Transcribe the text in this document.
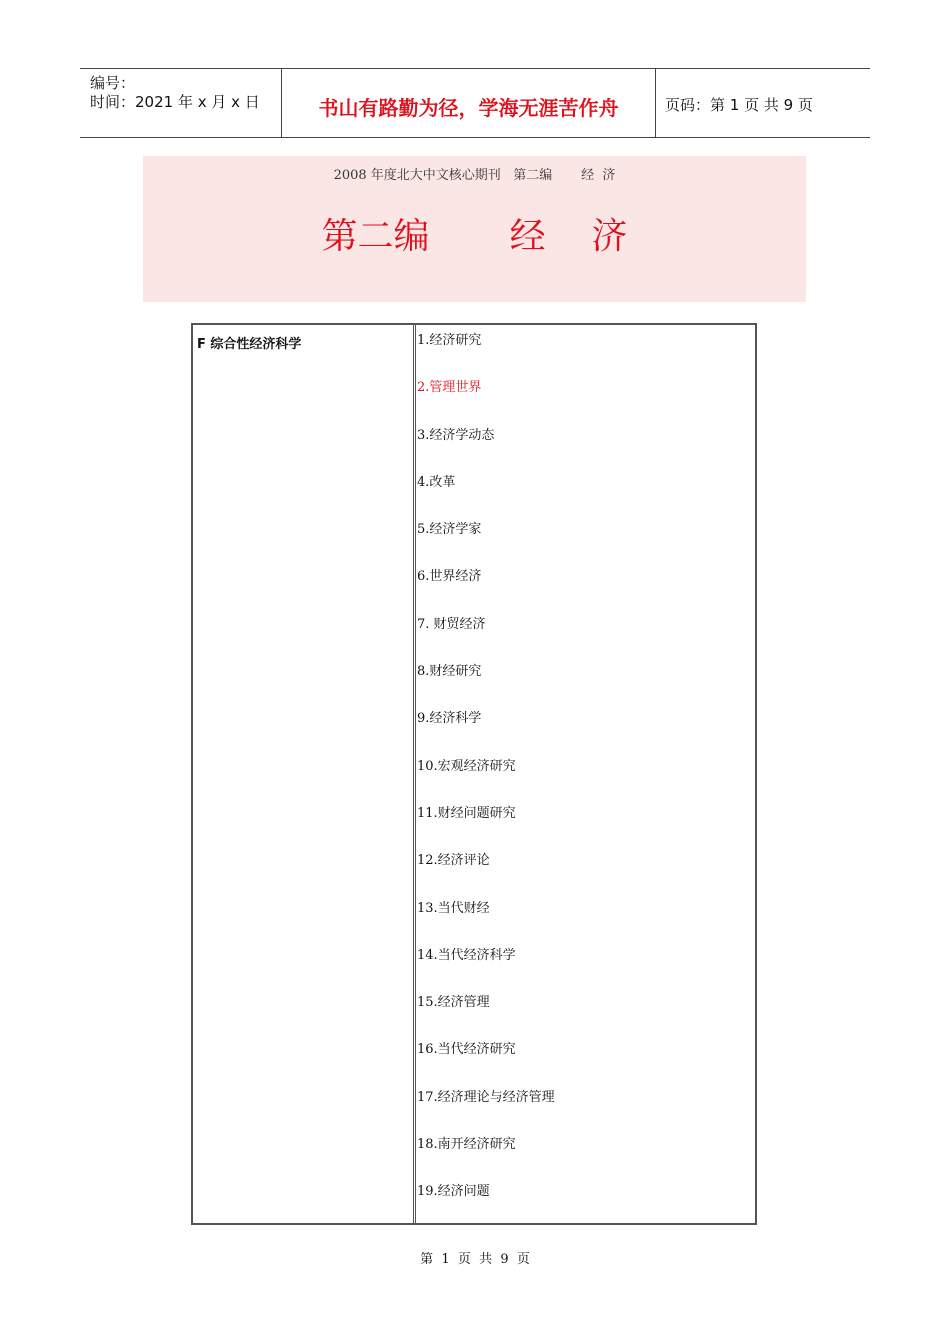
编号：
时间：2021 年 x 月 x 日	书山有路勤为径，学海无涯苦作舟	页码：第 1 页 共 9 页
2008 年度北大中文核心期刊   第二编       经  济
第二编       经    济
F 综合性经济科学	1.经济研究
2.管理世界
3.经济学动态
4.改革
5.经济学家
6.世界经济
7. 财贸经济
8.财经研究
9.经济科学
10.宏观经济研究
11.财经问题研究
12.经济评论
13.当代财经
14.当代经济科学
15.经济管理
16.当代经济研究
17.经济理论与经济管理
18.南开经济研究
19.经济问题
第  1  页  共  9  页
